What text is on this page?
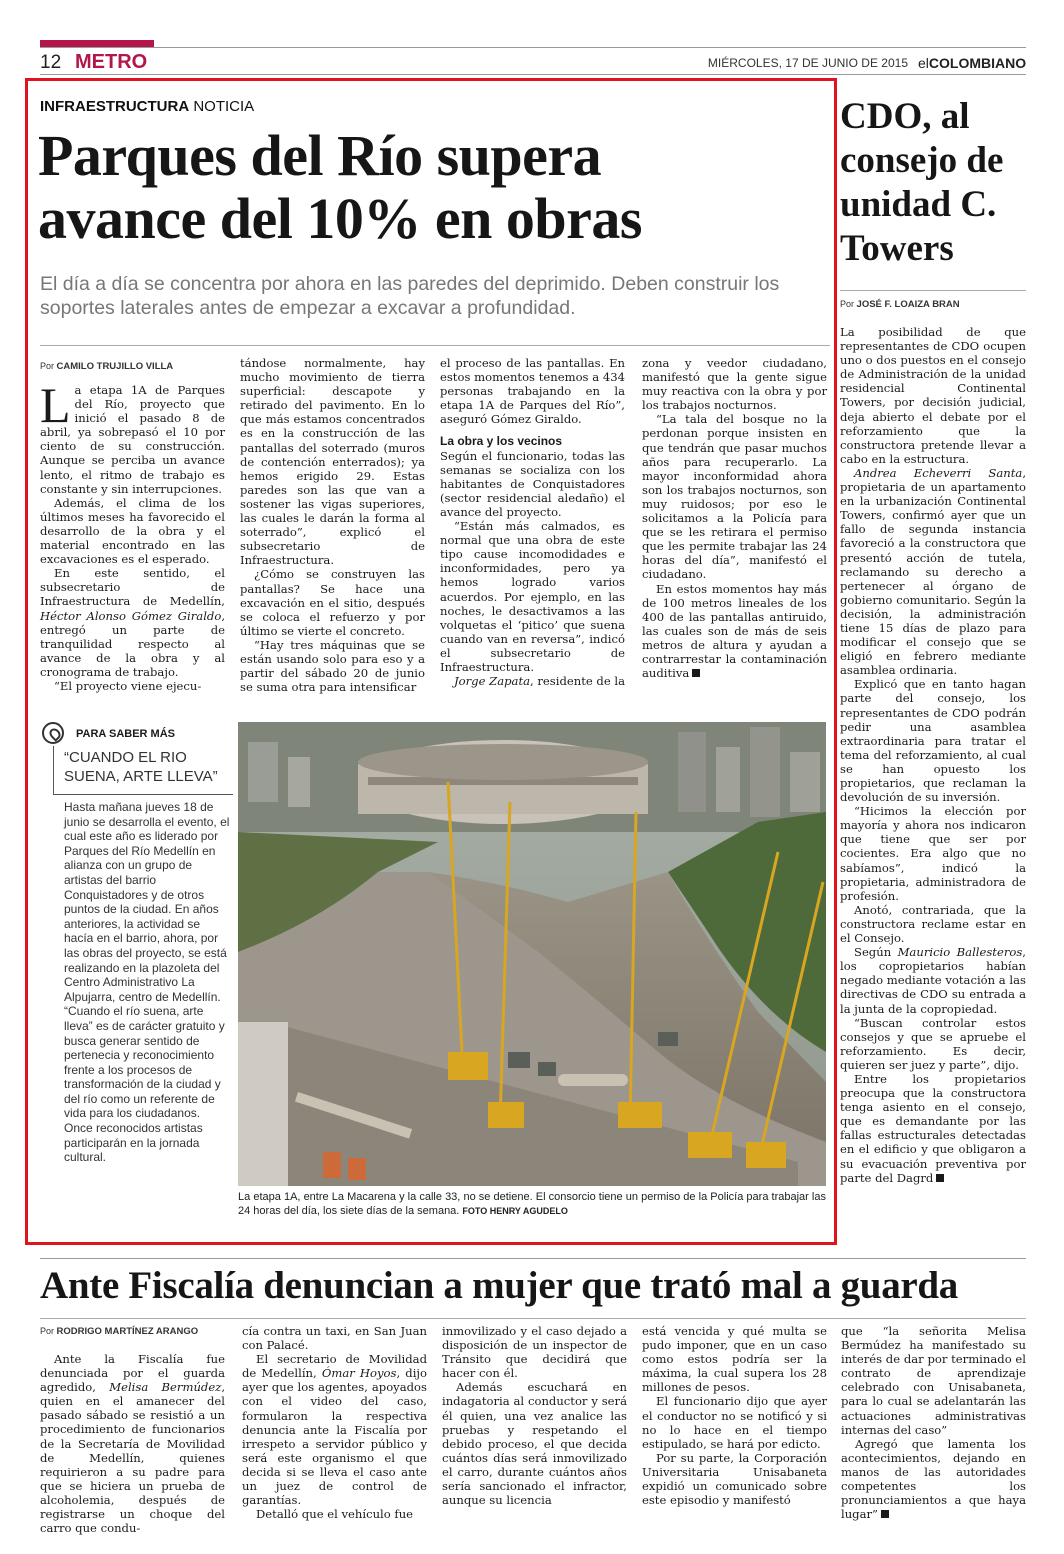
12 METRO	MIÉRCOLES, 17 DE JUNIO DE 2015 elCOLOMBIANO
INFRAESTRUCTURA NOTICIA
Parques del Río supera
avance del 10% en obras

El día a día se concentra por ahora en las paredes del deprimido. Deben construir los soportes laterales antes de empezar a excavar a profundidad.

Por CAMILO TRUJILLO VILLA

La etapa 1A de Parques del Río, proyecto que inició el pasado 8 de abril, ya sobrepasó el 10 por ciento de su construcción. Aunque se perciba un avance lento, el ritmo de trabajo es constante y sin interrupciones.

Además, el clima de los últimos meses ha favorecido el desarrollo de la obra y el material encontrado en las excavaciones es el esperado.

En este sentido, el subsecretario de Infraestructura de Medellín, Héctor Alonso Gómez Giraldo, entregó un parte de tranquilidad respecto al avance de la obra y al cronograma de trabajo.

“El proyecto viene ejecu-

tándose normalmente, hay mucho movimiento de tierra superficial: descapote y retirado del pavimento. En lo que más estamos concentrados es en la construcción de las pantallas del soterrado (muros de contención enterrados); ya hemos erigido 29. Estas paredes son las que van a sostener las vigas superiores, las cuales le darán la forma al soterrado”, explicó el subsecretario de Infraestructura.

¿Cómo se construyen las pantallas? Se hace una excavación en el sitio, después se coloca el refuerzo y por último se vierte el concreto.

“Hay tres máquinas que se están usando solo para eso y a partir del sábado 20 de junio se suma otra para intensificar

el proceso de las pantallas. En estos momentos tenemos a 434 personas trabajando en la etapa 1A de Parques del Río”, aseguró Gómez Giraldo.

La obra y los vecinos

Según el funcionario, todas las semanas se socializa con los habitantes de Conquistadores (sector residencial aledaño) el avance del proyecto.

“Están más calmados, es normal que una obra de este tipo cause incomodidades e inconformidades, pero ya hemos logrado varios acuerdos. Por ejemplo, en las noches, le desactivamos a las volquetas el ‘pitico’ que suena cuando van en reversa”, indicó el subsecretario de Infraestructura.

Jorge Zapata, residente de la

zona y veedor ciudadano, manifestó que la gente sigue muy reactiva con la obra y por los trabajos nocturnos.

“La tala del bosque no la perdonan porque insisten en que tendrán que pasar muchos años para recuperarlo. La mayor inconformidad ahora son los trabajos nocturnos, son muy ruidosos; por eso le solicitamos a la Policía para que se les retirara el permiso que les permite trabajar las 24 horas del día”, manifestó el ciudadano.

En estos momentos hay más de 100 metros lineales de los 400 de las pantallas antiruido, las cuales son de más de seis metros de altura y ayudan a contrarrestar la contaminación auditiva

PARA SABER MÁS
“CUANDO EL RIO SUENA, ARTE LLEVA”

Hasta mañana jueves 18 de junio se desarrolla el evento, el cual este año es liderado por Parques del Río Medellín en alianza con un grupo de artistas del barrio Conquistadores y de otros puntos de la ciudad. En años anteriores, la actividad se hacía en el barrio, ahora, por las obras del proyecto, se está realizando en la plazoleta del Centro Administrativo La Alpujarra, centro de Medellín. “Cuando el río suena, arte lleva” es de carácter gratuito y busca generar sentido de pertenecia y reconocimiento frente a los procesos de transformación de la ciudad y del río como un referente de vida para los ciudadanos. Once reconocidos artistas participarán en la jornada cultural.

La etapa 1A, entre La Macarena y la calle 33, no se detiene. El consorcio tiene un permiso de la Policía para trabajar las 24 horas del día, los siete días de la semana. FOTO HENRY AGUDELO

CDO, al consejo de unidad C. Towers
Por JOSÉ F. LOAIZA BRAN

La posibilidad de que representantes de CDO ocupen uno o dos puestos en el consejo de Administración de la unidad residencial Continental Towers, por decisión judicial, deja abierto el debate por el reforzamiento que la constructora pretende llevar a cabo en la estructura.

Andrea Echeverri Santa, propietaria de un apartamento en la urbanización Continental Towers, confirmó ayer que un fallo de segunda instancia favoreció a la constructora que presentó acción de tutela, reclamando su derecho a pertenecer al órgano de gobierno comunitario. Según la decisión, la administración tiene 15 días de plazo para modificar el consejo que se eligió en febrero mediante asamblea ordinaria.

Explicó que en tanto hagan parte del consejo, los representantes de CDO podrán pedir una asamblea extraordinaria para tratar el tema del reforzamiento, al cual se han opuesto los propietarios, que reclaman la devolución de su inversión.

“Hicimos la elección por mayoría y ahora nos indicaron que tiene que ser por cocientes. Era algo que no sabíamos”, indicó la propietaria, administradora de profesión.

Anotó, contrariada, que la constructora reclame estar en el Consejo.

Según Mauricio Ballesteros, los copropietarios habían negado mediante votación a las directivas de CDO su entrada a la junta de la copropiedad.

“Buscan controlar estos consejos y que se apruebe el reforzamiento. Es decir, quieren ser juez y parte”, dijo.

Entre los propietarios preocupa que la constructora tenga asiento en el consejo, que es demandante por las fallas estructurales detectadas en el edificio y que obligaron a su evacuación preventiva por parte del Dagrd

Ante Fiscalía denuncian a mujer que trató mal a guarda
Por RODRIGO MARTÍNEZ ARANGO

Ante la Fiscalía fue denunciada por el guarda agredido, Melisa Bermúdez, quien en el amanecer del pasado sábado se resistió a un procedimiento de funcionarios de la Secretaría de Movilidad de Medellín, quienes requirieron a su padre para que se hiciera un prueba de alcoholemia, después de registrarse un choque del carro que condu-

cía contra un taxi, en San Juan con Palacé.

El secretario de Movilidad de Medellín, Ómar Hoyos, dijo ayer que los agentes, apoyados con el video del caso, formularon la respectiva denuncia ante la Fiscalía por irrespeto a servidor público y será este organismo el que decida si se lleva el caso ante un juez de control de garantías.

Detalló que el vehículo fue

inmovilizado y el caso dejado a disposición de un inspector de Tránsito que decidirá que hacer con él.

Además escuchará en indagatoria al conductor y será él quien, una vez analice las pruebas y respetando el debido proceso, el que decida cuántos días será inmovilizado el carro, durante cuántos años sería sancionado el infractor, aunque su licencia

está vencida y qué multa se pudo imponer, que en un caso como estos podría ser la máxima, la cual supera los 28 millones de pesos.

El funcionario dijo que ayer el conductor no se notificó y si no lo hace en el tiempo estipulado, se hará por edicto.

Por su parte, la Corporación Universitaria Unisabaneta expidió un comunicado sobre este episodio y manifestó

que “la señorita Melisa Bermúdez ha manifestado su interés de dar por terminado el contrato de aprendizaje celebrado con Unisabaneta, para lo cual se adelantarán las actuaciones administrativas internas del caso”

Agregó que lamenta los acontecimientos, dejando en manos de las autoridades competentes los pronunciamientos a que haya lugar”
